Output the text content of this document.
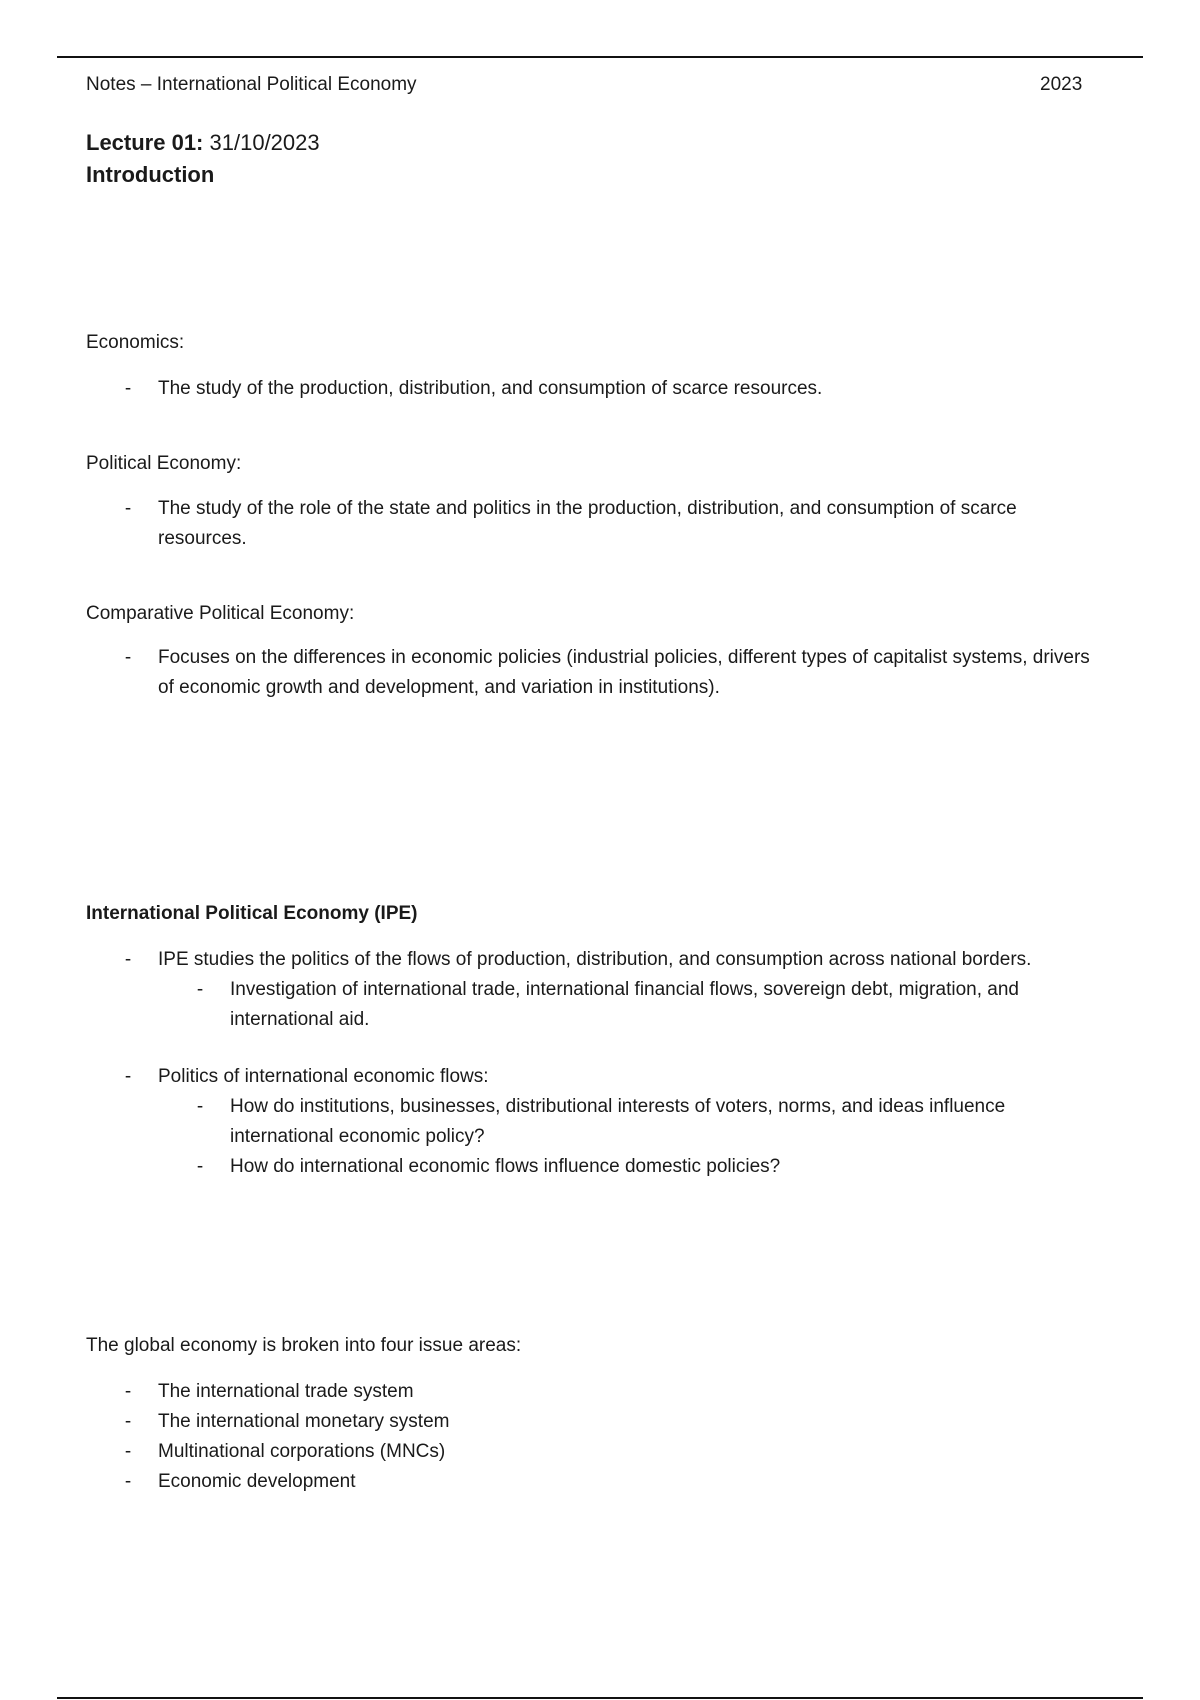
Notes – International Political Economy	2023
Lecture 01: 31/10/2023
Introduction
Economics:
- The study of the production, distribution, and consumption of scarce resources.
Political Economy:
- The study of the role of the state and politics in the production, distribution, and consumption of scarce resources.
Comparative Political Economy:
- Focuses on the differences in economic policies (industrial policies, different types of capitalist systems, drivers of economic growth and development, and variation in institutions).
International Political Economy (IPE)
- IPE studies the politics of the flows of production, distribution, and consumption across national borders.
- Investigation of international trade, international financial flows, sovereign debt, migration, and international aid.
- Politics of international economic flows:
- How do institutions, businesses, distributional interests of voters, norms, and ideas influence international economic policy?
- How do international economic flows influence domestic policies?
The global economy is broken into four issue areas:
- The international trade system
- The international monetary system
- Multinational corporations (MNCs)
- Economic development
